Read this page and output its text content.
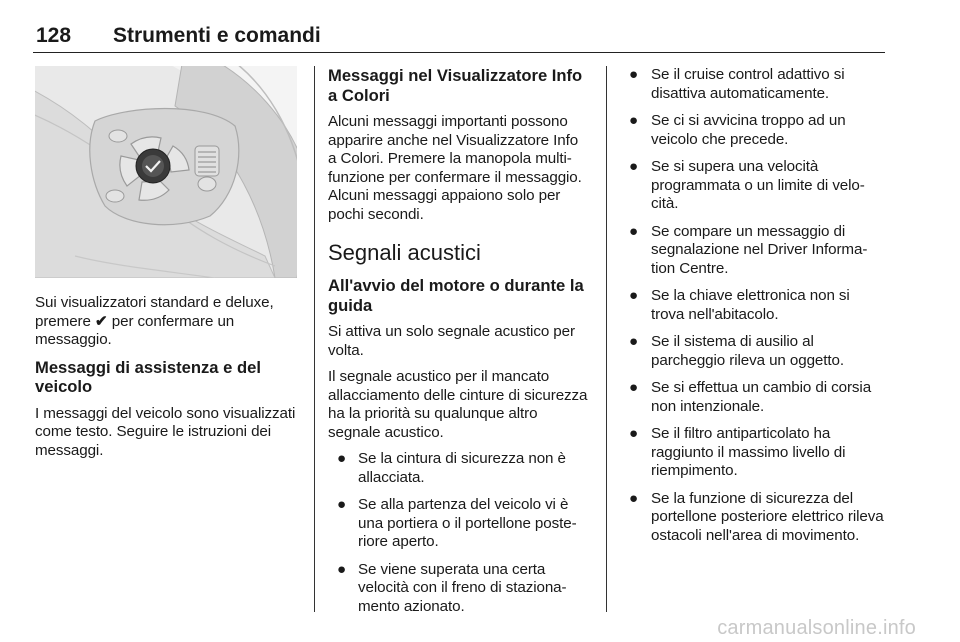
128 Strumenti e comandi

Sui visualizzatori standard e deluxe, premere ✔ per confermare un messaggio.

Messaggi di assistenza e del veicolo

I messaggi del veicolo sono visualizzati come testo. Seguire le istruzioni dei messaggi.

Messaggi nel Visualizzatore Info a Colori

Alcuni messaggi importanti possono apparire anche nel Visualizzatore Info a Colori. Premere la manopola multifunzione per confermare il messaggio. Alcuni messaggi appaiono solo per pochi secondi.

Segnali acustici
All'avvio del motore o durante la guida

Si attiva un solo segnale acustico per volta.

Il segnale acustico per il mancato allacciamento delle cinture di sicurezza ha la priorità su qualunque altro segnale acustico.

● Se la cintura di sicurezza non è allacciata.
● Se alla partenza del veicolo vi è una portiera o il portellone posteriore aperto.
● Se viene superata una certa velocità con il freno di stazionamento azionato.
● Se il cruise control adattivo si disattiva automaticamente.
● Se ci si avvicina troppo ad un veicolo che precede.
● Se si supera una velocità programmata o un limite di velocità.
● Se compare un messaggio di segnalazione nel Driver Information Centre.
● Se la chiave elettronica non si trova nell'abitacolo.
● Se il sistema di ausilio al parcheggio rileva un oggetto.
● Se si effettua un cambio di corsia non intenzionale.
● Se il filtro antiparticolato ha raggiunto il massimo livello di riempimento.
● Se la funzione di sicurezza del portellone posteriore elettrico rileva ostacoli nell'area di movimento.
carmanualsonline.info
